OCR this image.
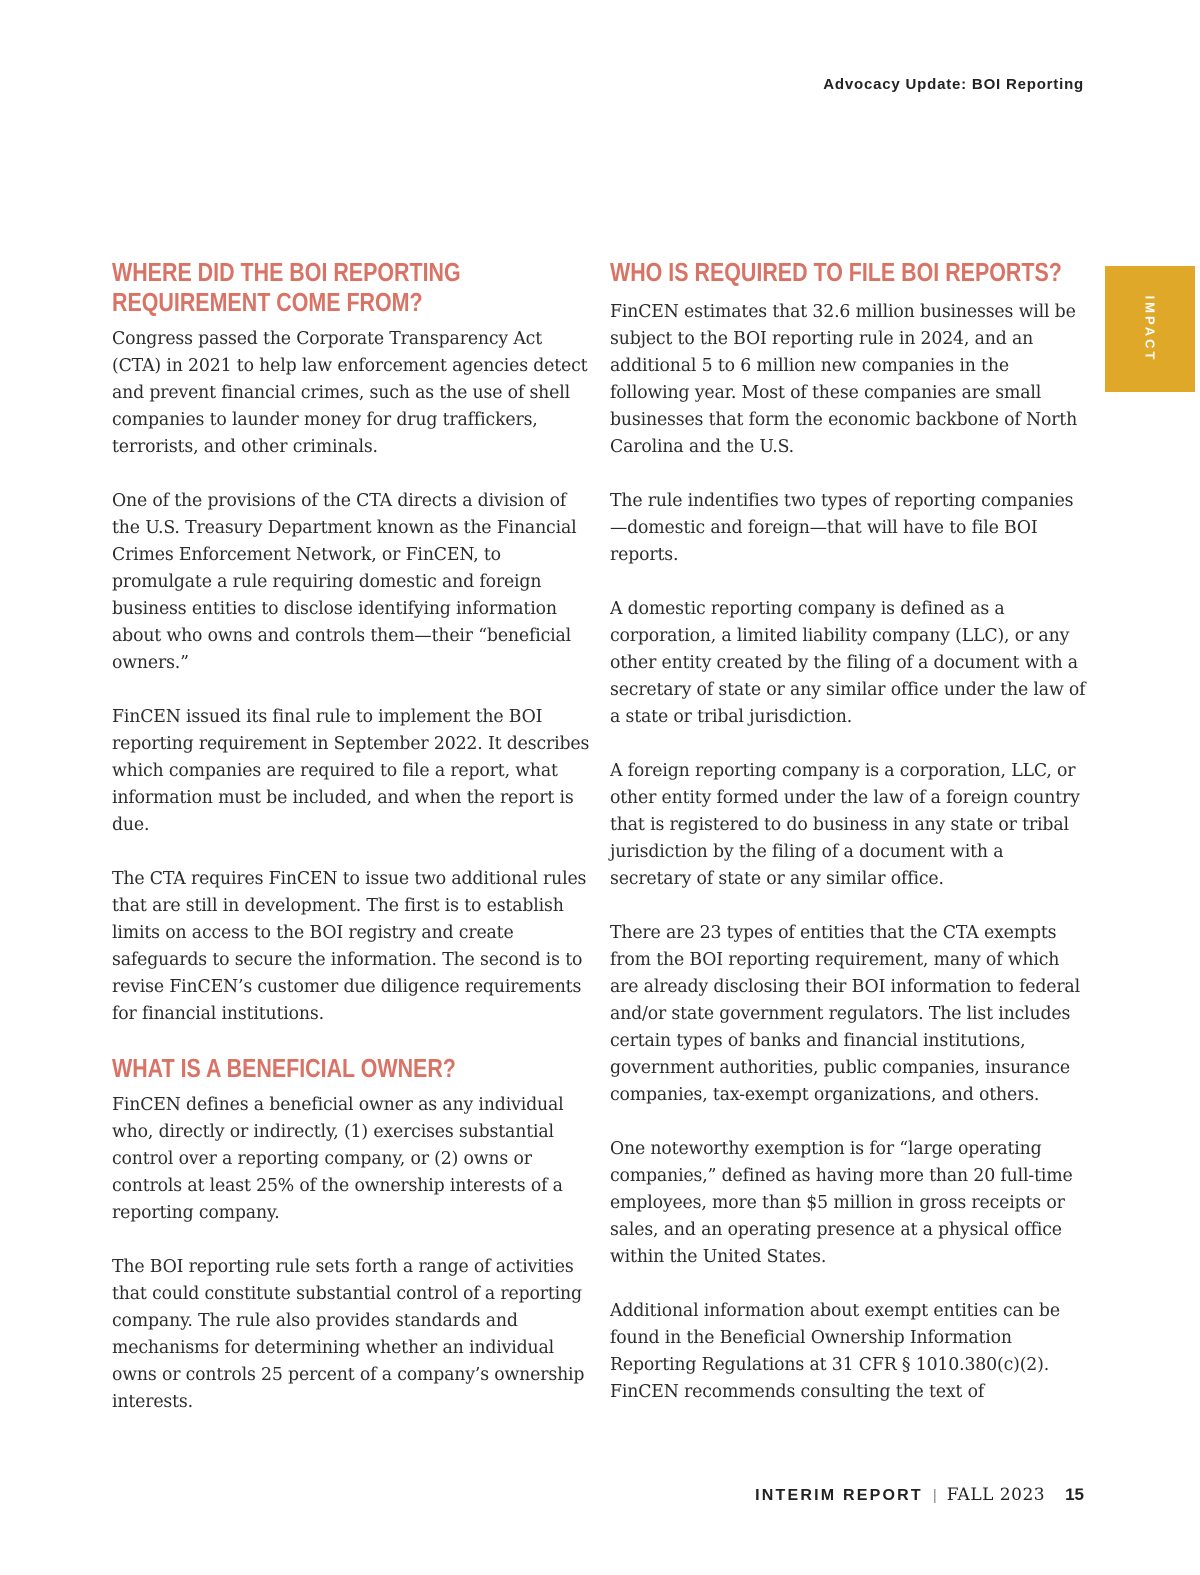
Advocacy Update: BOI Reporting
IMPACT
WHERE DID THE BOI REPORTING REQUIREMENT COME FROM?

Congress passed the Corporate Transparency Act (CTA) in 2021 to help law enforcement agencies detect and prevent financial crimes, such as the use of shell companies to launder money for drug traffickers, terrorists, and other criminals.

One of the provisions of the CTA directs a division of the U.S. Treasury Department known as the Financial Crimes Enforcement Network, or FinCEN, to promulgate a rule requiring domestic and foreign business entities to disclose identifying information about who owns and controls them—their “beneficial owners.”

FinCEN issued its final rule to implement the BOI reporting requirement in September 2022. It describes which companies are required to file a report, what information must be included, and when the report is due.

The CTA requires FinCEN to issue two additional rules that are still in development. The first is to establish limits on access to the BOI registry and create safeguards to secure the information. The second is to revise FinCEN’s customer due diligence requirements for financial institutions.

WHAT IS A BENEFICIAL OWNER?

FinCEN defines a beneficial owner as any individual who, directly or indirectly, (1) exercises substantial control over a reporting company, or (2) owns or controls at least 25% of the ownership interests of a reporting company.

The BOI reporting rule sets forth a range of activities that could constitute substantial control of a reporting company. The rule also provides standards and mechanisms for determining whether an individual owns or controls 25 percent of a company’s ownership interests.

WHO IS REQUIRED TO FILE BOI REPORTS?

FinCEN estimates that 32.6 million businesses will be subject to the BOI reporting rule in 2024, and an additional 5 to 6 million new companies in the following year. Most of these companies are small businesses that form the economic backbone of North Carolina and the U.S.

The rule indentifies two types of reporting companies—domestic and foreign—that will have to file BOI reports.

A domestic reporting company is defined as a corporation, a limited liability company (LLC), or any other entity created by the filing of a document with a secretary of state or any similar office under the law of a state or tribal jurisdiction.

A foreign reporting company is a corporation, LLC, or other entity formed under the law of a foreign country that is registered to do business in any state or tribal jurisdiction by the filing of a document with a secretary of state or any similar office.

There are 23 types of entities that the CTA exempts from the BOI reporting requirement, many of which are already disclosing their BOI information to federal and/or state government regulators. The list includes certain types of banks and financial institutions, government authorities, public companies, insurance companies, tax-exempt organizations, and others.

One noteworthy exemption is for “large operating companies,” defined as having more than 20 full-time employees, more than $5 million in gross receipts or sales, and an operating presence at a physical office within the United States.

Additional information about exempt entities can be found in the Beneficial Ownership Information Reporting Regulations at 31 CFR § 1010.380(c)(2). FinCEN recommends consulting the text of

INTERIM REPORT | FALL 2023 15
